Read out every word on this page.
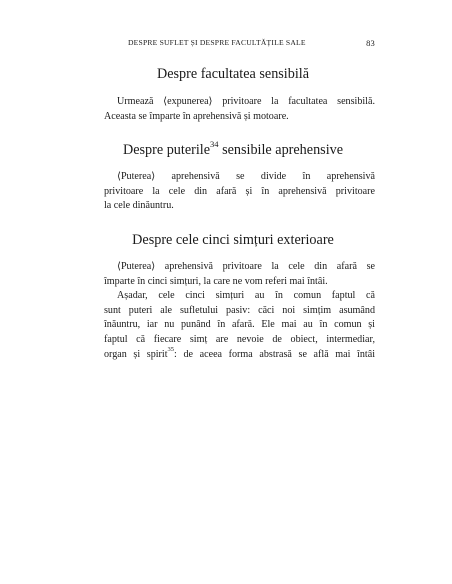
DESPRE SUFLET ȘI DESPRE FACULTĂȚILE SALE	83
Despre facultatea sensibilă

Urmează ⟨expunerea⟩ privitoare la facultatea sensibilă.
Aceasta se împarte în aprehensivă și motoare.

Despre puterile$^{34}$ sensibile aprehensive

⟨Puterea⟩ aprehensivă se divide în aprehensivă
privitoare la cele din afară și în aprehensivă privitoare
la cele dinăuntru.

Despre cele cinci simțuri exterioare

⟨Puterea⟩ aprehensivă privitoare la cele din afară se
împarte în cinci simțuri, la care ne vom referi mai întâi.

Așadar, cele cinci simțuri au în comun faptul că
sunt puteri ale sufletului pasiv: căci noi simțim asumând
înăuntru, iar nu punând în afară. Ele mai au în comun și
faptul că fiecare simț are nevoie de obiect, intermediar,
organ și spirit$^{35}$: de aceea forma abstrasă se află mai întâi
